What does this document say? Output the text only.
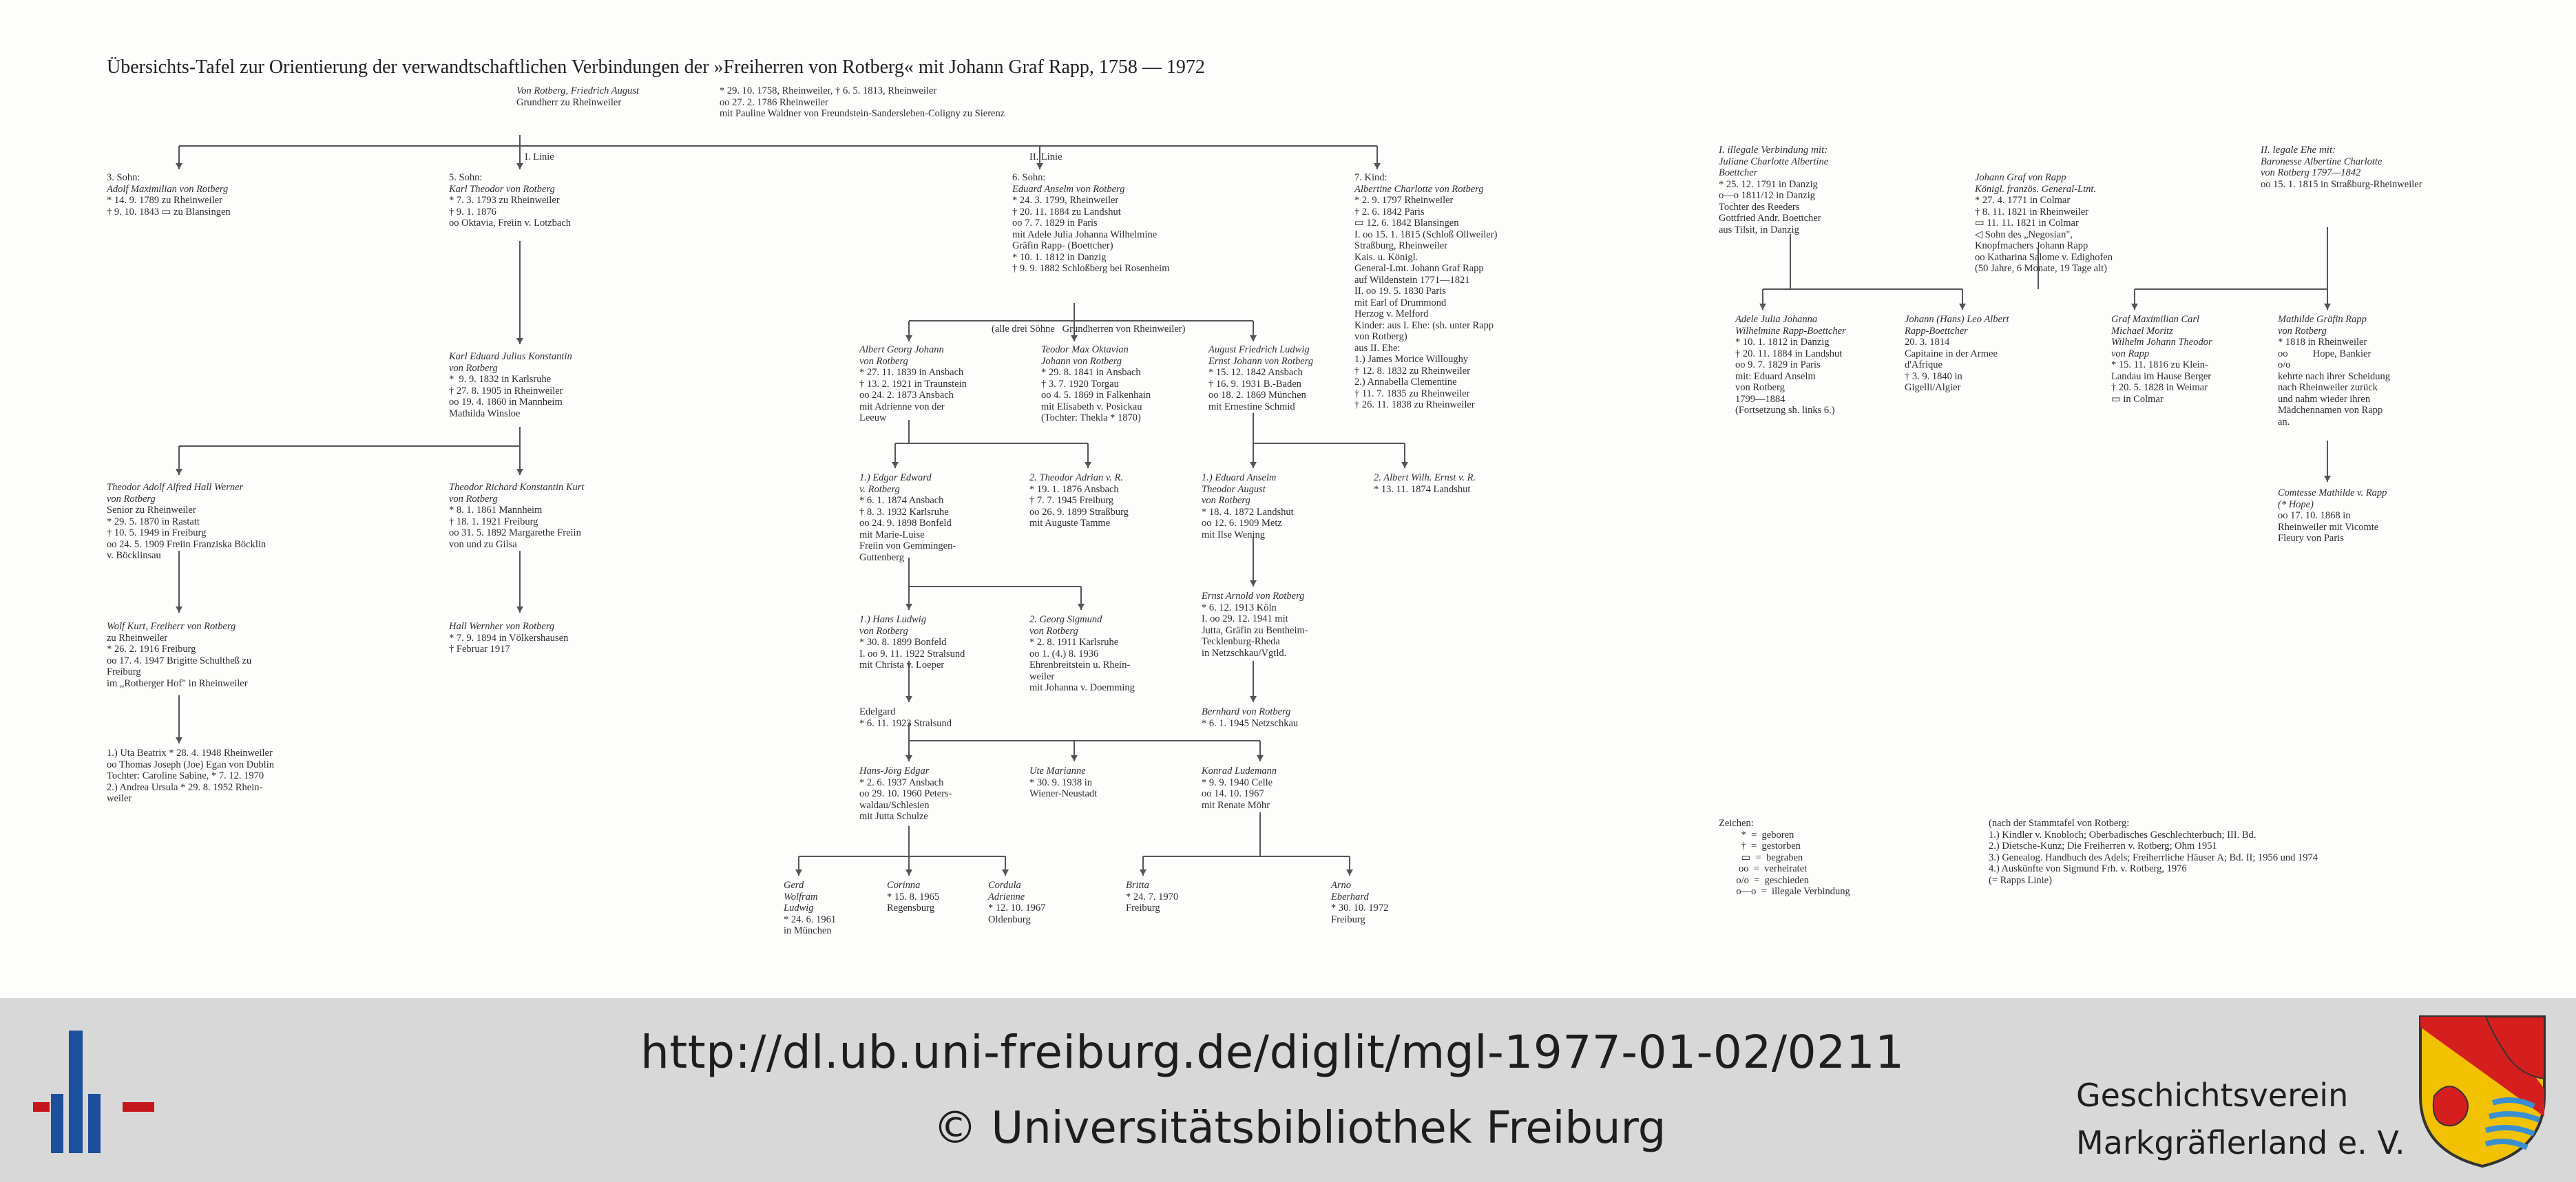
Übersichts-Tafel zur Orientierung der verwandtschaftlichen Verbindungen der »Freiherren von Rotberg« mit Johann Graf Rapp, 1758 — 1972
Von Rotberg, Friedrich August
Grundherr zu Rheinweiler
* 29. 10. 1758, Rheinweiler, † 6. 5. 1813, Rheinweiler
oo 27. 2. 1786 Rheinweiler
mit Pauline Waldner von Freundstein-Sandersleben-Coligny zu Sierenz
I. Linie	II. Linie
(alle drei Söhne   Grundherren von Rheinweiler)
3. Sohn:
Adolf Maximilian von Rotberg
* 14. 9. 1789 zu Rheinweiler
† 9. 10. 1843 ▭ zu Blansingen
5. Sohn:
Karl Theodor von Rotberg
* 7. 3. 1793 zu Rheinweiler
† 9. 1. 1876
oo Oktavia, Freiin v. Lotzbach
6. Sohn:
Eduard Anselm von Rotberg
* 24. 3. 1799, Rheinweiler
† 20. 11. 1884 zu Landshut
oo 7. 7. 1829 in Paris
mit Adele Julia Johanna Wilhelmine
Gräfin Rapp- (Boettcher)
* 10. 1. 1812 in Danzig
† 9. 9. 1882 Schloßberg bei Rosenheim
7. Kind:
Albertine Charlotte von Rotberg
* 2. 9. 1797 Rheinweiler
† 2. 6. 1842 Paris
▭ 12. 6. 1842 Blansingen
I. oo 15. 1. 1815 (Schloß Ollweiler)
Straßburg, Rheinweiler
Kais. u. Königl.
General-Lmt. Johann Graf Rapp
auf Wildenstein 1771—1821
II. oo 19. 5. 1830 Paris
mit Earl of Drummond
Herzog v. Melford
Kinder: aus I. Ehe: (sh. unter Rapp
von Rotberg)
aus II. Ehe:
1.) James Morice Willoughy
† 12. 8. 1832 zu Rheinweiler
2.) Annabella Clementine
† 11. 7. 1835 zu Rheinweiler
† 26. 11. 1838 zu Rheinweiler
Karl Eduard Julius Konstantin
von Rotberg
*  9. 9. 1832 in Karlsruhe
† 27. 8. 1905 in Rheinweiler
oo 19. 4. 1860 in Mannheim
Mathilda Winsloe
Theodor Adolf Alfred Hall Werner
von Rotberg
Senior zu Rheinweiler
* 29. 5. 1870 in Rastatt
† 10. 5. 1949 in Freiburg
oo 24. 5. 1909 Freiin Franziska Böcklin
v. Böcklinsau
Theodor Richard Konstantin Kurt
von Rotberg
* 8. 1. 1861 Mannheim
† 18. 1. 1921 Freiburg
oo 31. 5. 1892 Margarethe Freiin
von und zu Gilsa
Wolf Kurt, Freiherr von Rotberg
zu Rheinweiler
* 26. 2. 1916 Freiburg
oo 17. 4. 1947 Brigitte Schultheß zu
Freiburg
im „Rotberger Hof" in Rheinweiler
Hall Wernher von Rotberg
* 7. 9. 1894 in Völkershausen
† Februar 1917
1.) Uta Beatrix * 28. 4. 1948 Rheinweiler
oo Thomas Joseph (Joe) Egan von Dublin
Tochter: Caroline Sabine, * 7. 12. 1970
2.) Andrea Ursula * 29. 8. 1952 Rhein-
weiler
Albert Georg Johann
von Rotberg
* 27. 11. 1839 in Ansbach
† 13. 2. 1921 in Traunstein
oo 24. 2. 1873 Ansbach
mit Adrienne von der
Leeuw
Teodor Max Oktavian
Johann von Rotberg
* 29. 8. 1841 in Ansbach
† 3. 7. 1920 Torgau
oo 4. 5. 1869 in Falkenhain
mit Elisabeth v. Posickau
(Tochter: Thekla * 1870)
August Friedrich Ludwig
Ernst Johann von Rotberg
* 15. 12. 1842 Ansbach
† 16. 9. 1931 B.-Baden
oo 18. 2. 1869 München
mit Ernestine Schmid
1.) Edgar Edward
v. Rotberg
* 6. 1. 1874 Ansbach
† 8. 3. 1932 Karlsruhe
oo 24. 9. 1898 Bonfeld
mit Marie-Luise
Freiin von Gemmingen-
Guttenberg
2. Theodor Adrian v. R.
* 19. 1. 1876 Ansbach
† 7. 7. 1945 Freiburg
oo 26. 9. 1899 Straßburg
mit Auguste Tamme
1.) Eduard Anselm
Theodor August
von Rotberg
* 18. 4. 1872 Landshut
oo 12. 6. 1909 Metz
mit Ilse Wening
2. Albert Wilh. Ernst v. R.
* 13. 11. 1874 Landshut
1.) Hans Ludwig
von Rotberg
* 30. 8. 1899 Bonfeld
I. oo 9. 11. 1922 Stralsund
mit Christa v. Loeper
2. Georg Sigmund
von Rotberg
* 2. 8. 1911 Karlsruhe
oo 1. (4.) 8. 1936
Ehrenbreitstein u. Rhein-
weiler
mit Johanna v. Doemming
Ernst Arnold von Rotberg
* 6. 12. 1913 Köln
I. oo 29. 12. 1941 mit
Jutta, Gräfin zu Bentheim-
Tecklenburg-Rheda
in Netzschkau/Vgtld.
Edelgard
* 6. 11. 1923 Stralsund
Bernhard von Rotberg
* 6. 1. 1945 Netzschkau
Hans-Jörg Edgar
* 2. 6. 1937 Ansbach
oo 29. 10. 1960 Peters-
waldau/Schlesien
mit Jutta Schulze
Ute Marianne
* 30. 9. 1938 in
Wiener-Neustadt
Konrad Ludemann
* 9. 9. 1940 Celle
oo 14. 10. 1967
mit Renate Möhr
Gerd
Wolfram
Ludwig
* 24. 6. 1961
in München
Corinna
* 15. 8. 1965
Regensburg
Cordula
Adrienne
* 12. 10. 1967
Oldenburg
Britta
* 24. 7. 1970
Freiburg
Arno
Eberhard
* 30. 10. 1972
Freiburg
I. illegale Verbindung mit:
Juliane Charlotte Albertine
Boettcher
* 25. 12. 1791 in Danzig
o—o 1811/12 in Danzig
Tochter des Reeders
Gottfried Andr. Boettcher
aus Tilsit, in Danzig
Johann Graf von Rapp
Königl. französ. General-Ltnt.
* 27. 4. 1771 in Colmar
† 8. 11. 1821 in Rheinweiler
▭ 11. 11. 1821 in Colmar
◁ Sohn des „Negosian",
Knopfmachers Johann Rapp
oo Katharina Salome v. Edighofen
(50 Jahre, 6 Monate, 19 Tage alt)
II. legale Ehe mit:
Baronesse Albertine Charlotte
von Rotberg 1797—1842
oo 15. 1. 1815 in Straßburg-Rheinweiler
Adele Julia Johanna
Wilhelmine Rapp-Boettcher
* 10. 1. 1812 in Danzig
† 20. 11. 1884 in Landshut
oo 9. 7. 1829 in Paris
mit: Eduard Anselm
von Rotberg
1799—1884
(Fortsetzung sh. links 6.)
Johann (Hans) Leo Albert
Rapp-Boettcher
20. 3. 1814
Capitaine in der Armee
d'Afrique
† 3. 9. 1840 in
Gigelli/Algier
Graf Maximilian Carl
Michael Moritz
Wilhelm Johann Theodor
von Rapp
* 15. 11. 1816 zu Klein-
Landau im Hause Berger
† 20. 5. 1828 in Weimar
▭ in Colmar
Mathilde Gräfin Rapp
von Rotberg
* 1818 in Rheinweiler
oo          Hope, Bankier
o/o
kehrte nach ihrer Scheidung
nach Rheinweiler zurück
und nahm wieder ihren
Mädchennamen von Rapp
an.
Comtesse Mathilde v. Rapp
(* Hope)
oo 17. 10. 1868 in
Rheinweiler mit Vicomte
Fleury von Paris
Zeichen:
*  =  geboren
†  =  gestorben
▭  =  begraben
oo  =  verheiratet
o/o  =  geschieden
o—o  =  illegale Verbindung
(nach der Stammtafel von Rotberg:
1.) Kindler v. Knobloch; Oberbadisches Geschlechterbuch; III. Bd.
2.) Dietsche-Kunz; Die Freiherren v. Rotberg; Ohm 1951
3.) Genealog. Handbuch des Adels; Freiherrliche Häuser A; Bd. II; 1956 und 1974
4.) Auskünfte von Sigmund Frh. v. Rotberg, 1976
(= Rapps Linie)
http://dl.ub.uni-freiburg.de/diglit/mgl-1977-01-02/0211
© Universitätsbibliothek Freiburg
Geschichtsverein
Markgräflerland e. V.
